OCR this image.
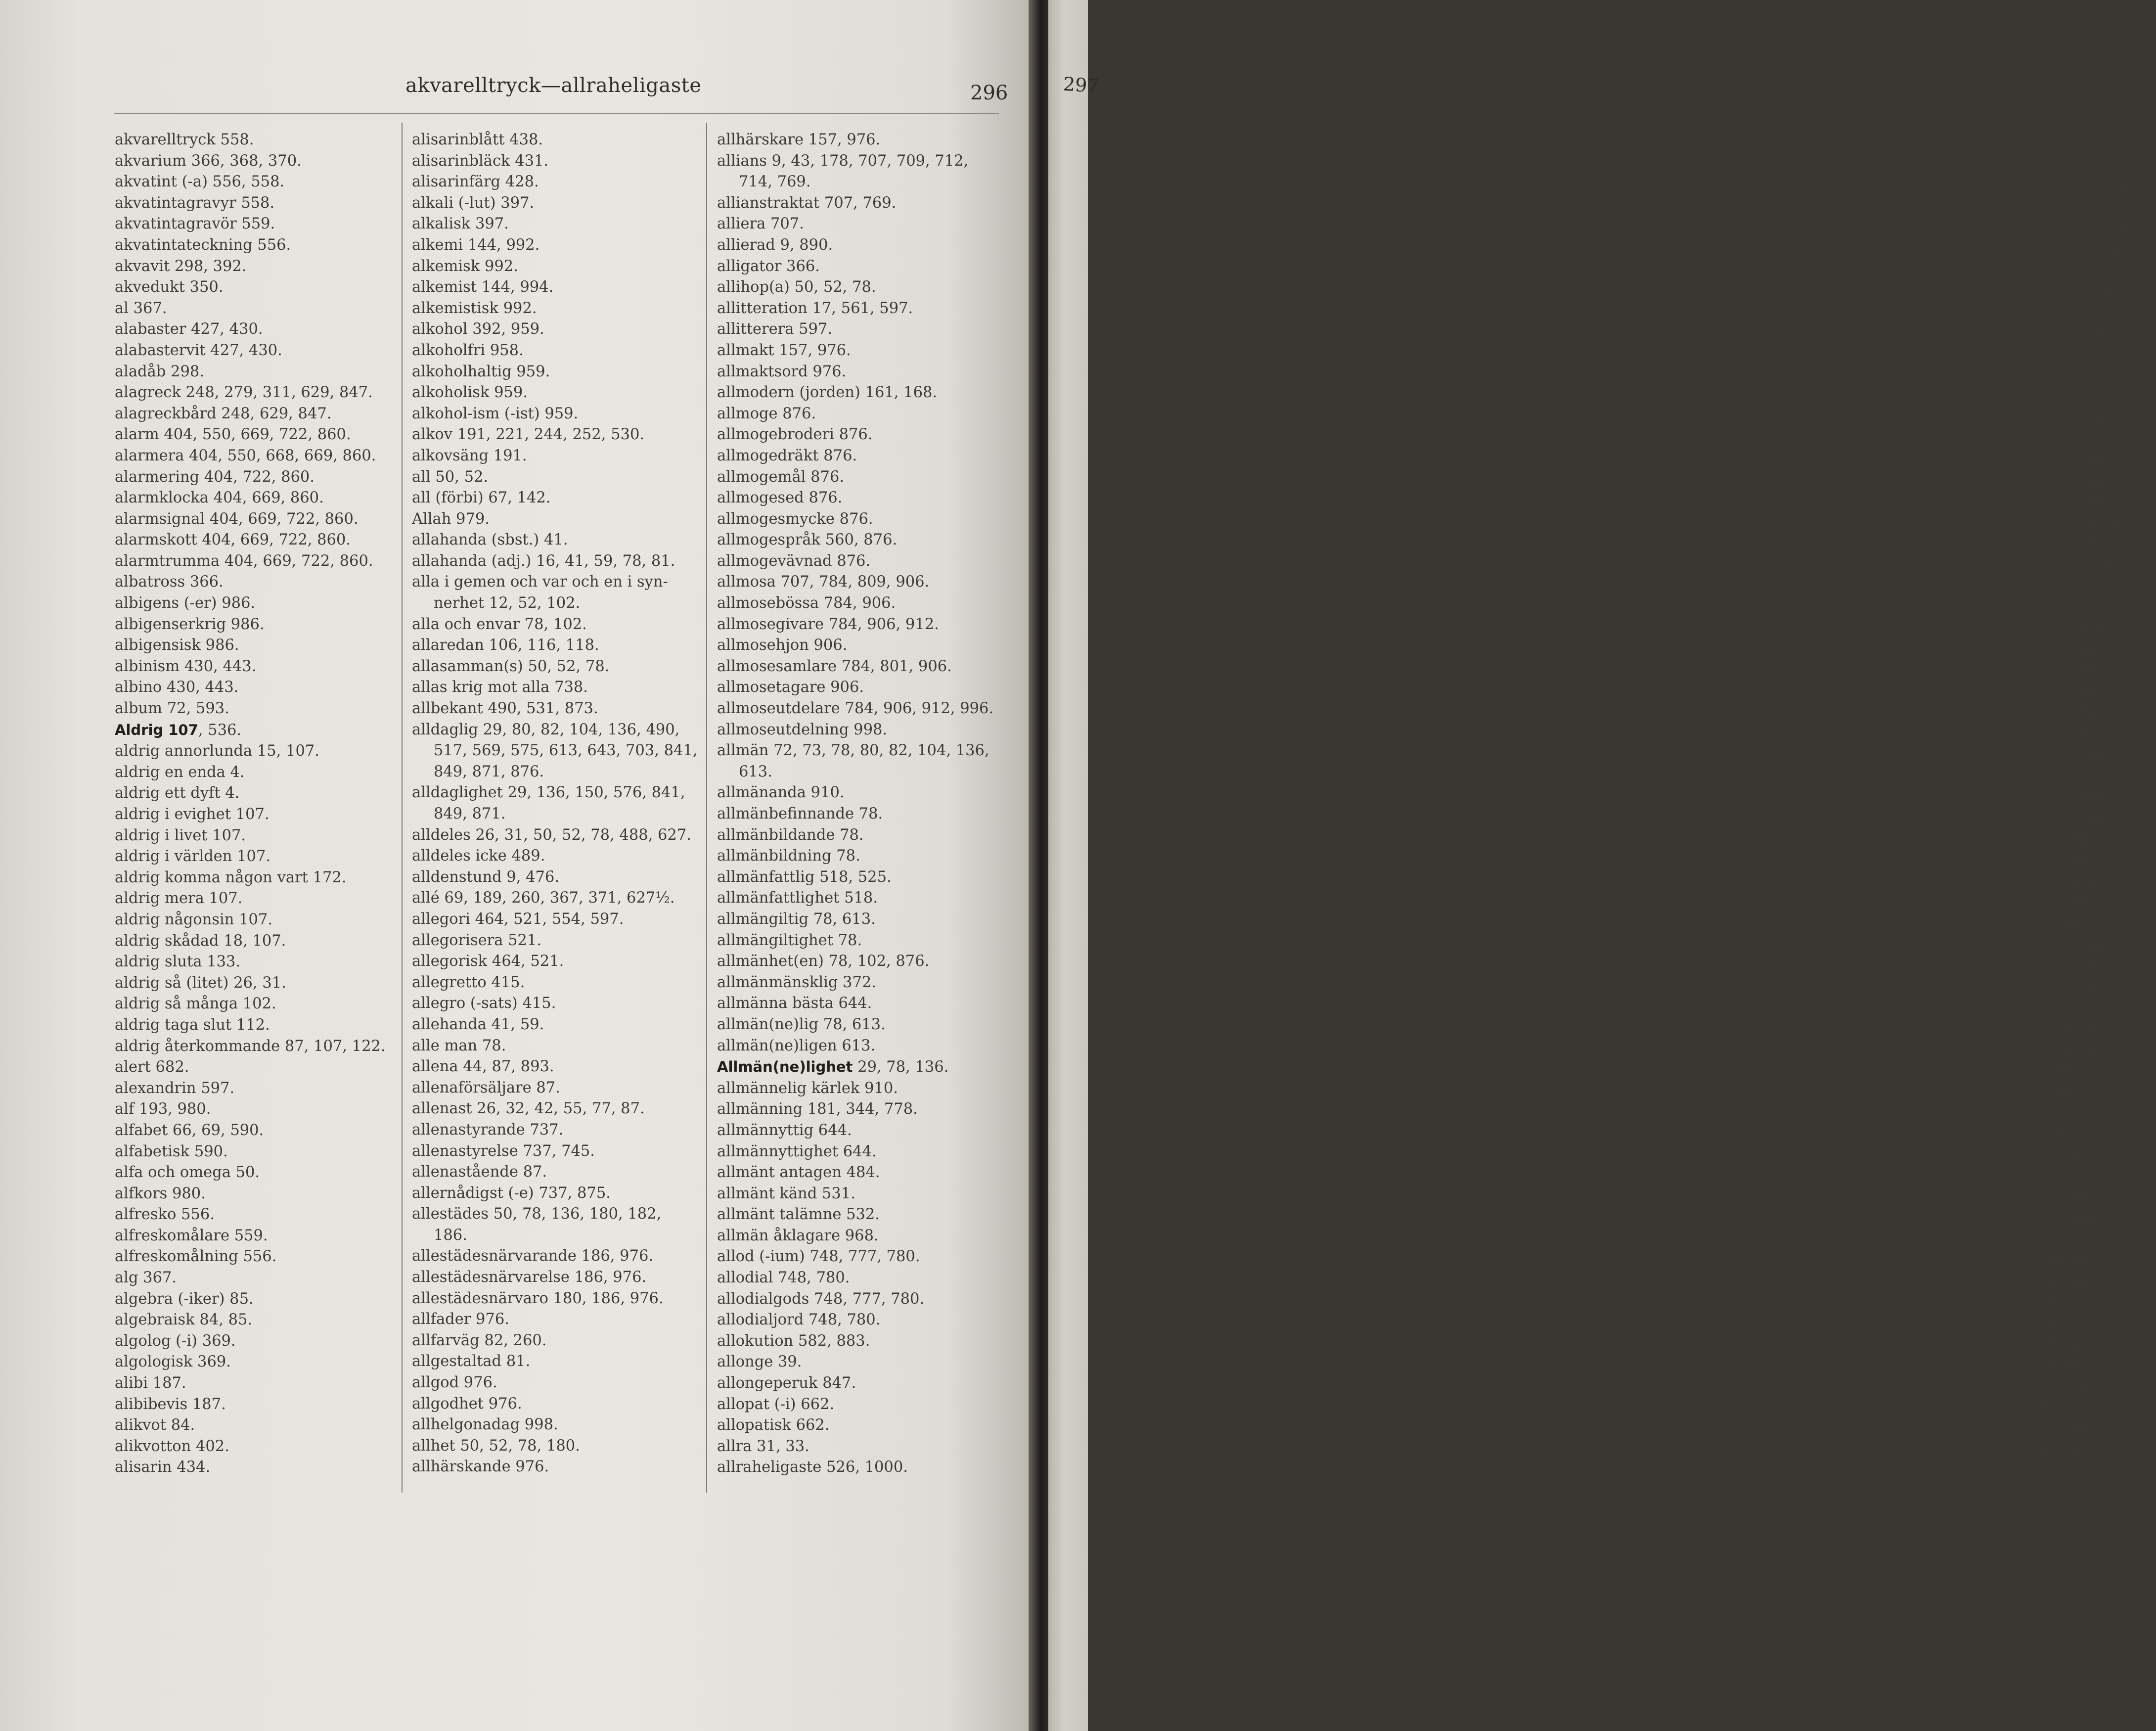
akvarelltryck—allraheligaste	296
akvarelltryck 558.
akvarium 366, 368, 370.
akvatint (-a) 556, 558.
akvatintagravyr 558.
akvatintagravör 559.
akvatintateckning 556.
akvavit 298, 392.
akvedukt 350.
al 367.
alabaster 427, 430.
alabastervit 427, 430.
aladåb 298.
alagreck 248, 279, 311, 629, 847.
alagreckbård 248, 629, 847.
alarm 404, 550, 669, 722, 860.
alarmera 404, 550, 668, 669, 860.
alarmering 404, 722, 860.
alarmklocka 404, 669, 860.
alarmsignal 404, 669, 722, 860.
alarmskott 404, 669, 722, 860.
alarmtrumma 404, 669, 722, 860.
albatross 366.
albigens (-er) 986.
albigenserkrig 986.
albigensisk 986.
albinism 430, 443.
albino 430, 443.
album 72, 593.
Aldrig 107, 536.
aldrig annorlunda 15, 107.
aldrig en enda 4.
aldrig ett dyft 4.
aldrig i evighet 107.
aldrig i livet 107.
aldrig i världen 107.
aldrig komma någon vart 172.
aldrig mera 107.
aldrig någonsin 107.
aldrig skådad 18, 107.
aldrig sluta 133.
aldrig så (litet) 26, 31.
aldrig så många 102.
aldrig taga slut 112.
aldrig återkommande 87, 107, 122.
alert 682.
alexandrin 597.
alf 193, 980.
alfabet 66, 69, 590.
alfabetisk 590.
alfa och omega 50.
alfkors 980.
alfresko 556.
alfreskomålare 559.
alfreskomålning 556.
alg 367.
algebra (-iker) 85.
algebraisk 84, 85.
algolog (-i) 369.
algologisk 369.
alibi 187.
alibibevis 187.
alikvot 84.
alikvotton 402.
alisarin 434.
alisarinblått 438.
alisarinbläck 431.
alisarinfärg 428.
alkali (-lut) 397.
alkalisk 397.
alkemi 144, 992.
alkemisk 992.
alkemist 144, 994.
alkemistisk 992.
alkohol 392, 959.
alkoholfri 958.
alkoholhaltig 959.
alkoholisk 959.
alkohol-ism (-ist) 959.
alkov 191, 221, 244, 252, 530.
alkovsäng 191.
all 50, 52.
all (förbi) 67, 142.
Allah 979.
allahanda (sbst.) 41.
allahanda (adj.) 16, 41, 59, 78, 81.
alla i gemen och var och en i syn-
nerhet 12, 52, 102.
alla och envar 78, 102.
allaredan 106, 116, 118.
allasamman(s) 50, 52, 78.
allas krig mot alla 738.
allbekant 490, 531, 873.
alldaglig 29, 80, 82, 104, 136, 490,
517, 569, 575, 613, 643, 703, 841,
849, 871, 876.
alldaglighet 29, 136, 150, 576, 841,
849, 871.
alldeles 26, 31, 50, 52, 78, 488, 627.
alldeles icke 489.
alldenstund 9, 476.
allé 69, 189, 260, 367, 371, 627½.
allegori 464, 521, 554, 597.
allegorisera 521.
allegorisk 464, 521.
allegretto 415.
allegro (-sats) 415.
allehanda 41, 59.
alle man 78.
allena 44, 87, 893.
allenaförsäljare 87.
allenast 26, 32, 42, 55, 77, 87.
allenastyrande 737.
allenastyrelse 737, 745.
allenastående 87.
allernådigst (-e) 737, 875.
allestädes 50, 78, 136, 180, 182,
186.
allestädesnärvarande 186, 976.
allestädesnärvarelse 186, 976.
allestädesnärvaro 180, 186, 976.
allfader 976.
allfarväg 82, 260.
allgestaltad 81.
allgod 976.
allgodhet 976.
allhelgonadag 998.
allhet 50, 52, 78, 180.
allhärskande 976.
allhärskare 157, 976.
allians 9, 43, 178, 707, 709, 712,
714, 769.
allianstraktat 707, 769.
alliera 707.
allierad 9, 890.
alligator 366.
allihop(a) 50, 52, 78.
allitteration 17, 561, 597.
allitterera 597.
allmakt 157, 976.
allmaktsord 976.
allmodern (jorden) 161, 168.
allmoge 876.
allmogebroderi 876.
allmogedräkt 876.
allmogemål 876.
allmogesed 876.
allmogesmycke 876.
allmogespråk 560, 876.
allmogevävnad 876.
allmosa 707, 784, 809, 906.
allmosebössa 784, 906.
allmosegivare 784, 906, 912.
allmosehjon 906.
allmosesamlare 784, 801, 906.
allmosetagare 906.
allmoseutdelare 784, 906, 912, 996.
allmoseutdelning 998.
allmän 72, 73, 78, 80, 82, 104, 136,
613.
allmänanda 910.
allmänbefinnande 78.
allmänbildande 78.
allmänbildning 78.
allmänfattlig 518, 525.
allmänfattlighet 518.
allmängiltig 78, 613.
allmängiltighet 78.
allmänhet(en) 78, 102, 876.
allmänmänsklig 372.
allmänna bästa 644.
allmän(ne)lig 78, 613.
allmän(ne)ligen 613.
Allmän(ne)lighet 29, 78, 136.
allmännelig kärlek 910.
allmänning 181, 344, 778.
allmännyttig 644.
allmännyttighet 644.
allmänt antagen 484.
allmänt känd 531.
allmänt talämne 532.
allmän åklagare 968.
allod (-ium) 748, 777, 780.
allodial 748, 780.
allodialgods 748, 777, 780.
allodialjord 748, 780.
allokution 582, 883.
allonge 39.
allongeperuk 847.
allopat (-i) 662.
allopatisk 662.
allra 31, 33.
allraheligaste 526, 1000.
allrä
allse
allsbi
alls i
allsid
allsid
alls i
alls i
allskö
allsmi
alls o
allsvå
allsvä
allt bä
allteft
allt ef
alltem
alltet
alltfort
allt för
allt frä
alltför
allt ha
allt ho
allt i a
alltid l
alltid d
alltid n
alltifrå
alltigen
allthop
allting
alltintill
alltjämt
alltmer
allt mir
alltnog
allomfa
alltredar
alltsamm
alltsam
allt sam
alltsedan
allt slag
alltså 8,
allt vad
allt vad
allt vad
allt väl
alludera
allusion
allusionsv
alluvial 3
alluvialbi
alluvialpe
allvar 1,
allvar (oc
allvarlig 3
allvarligen
allvarsam
821.
allvarsaml
allvarsam
297
